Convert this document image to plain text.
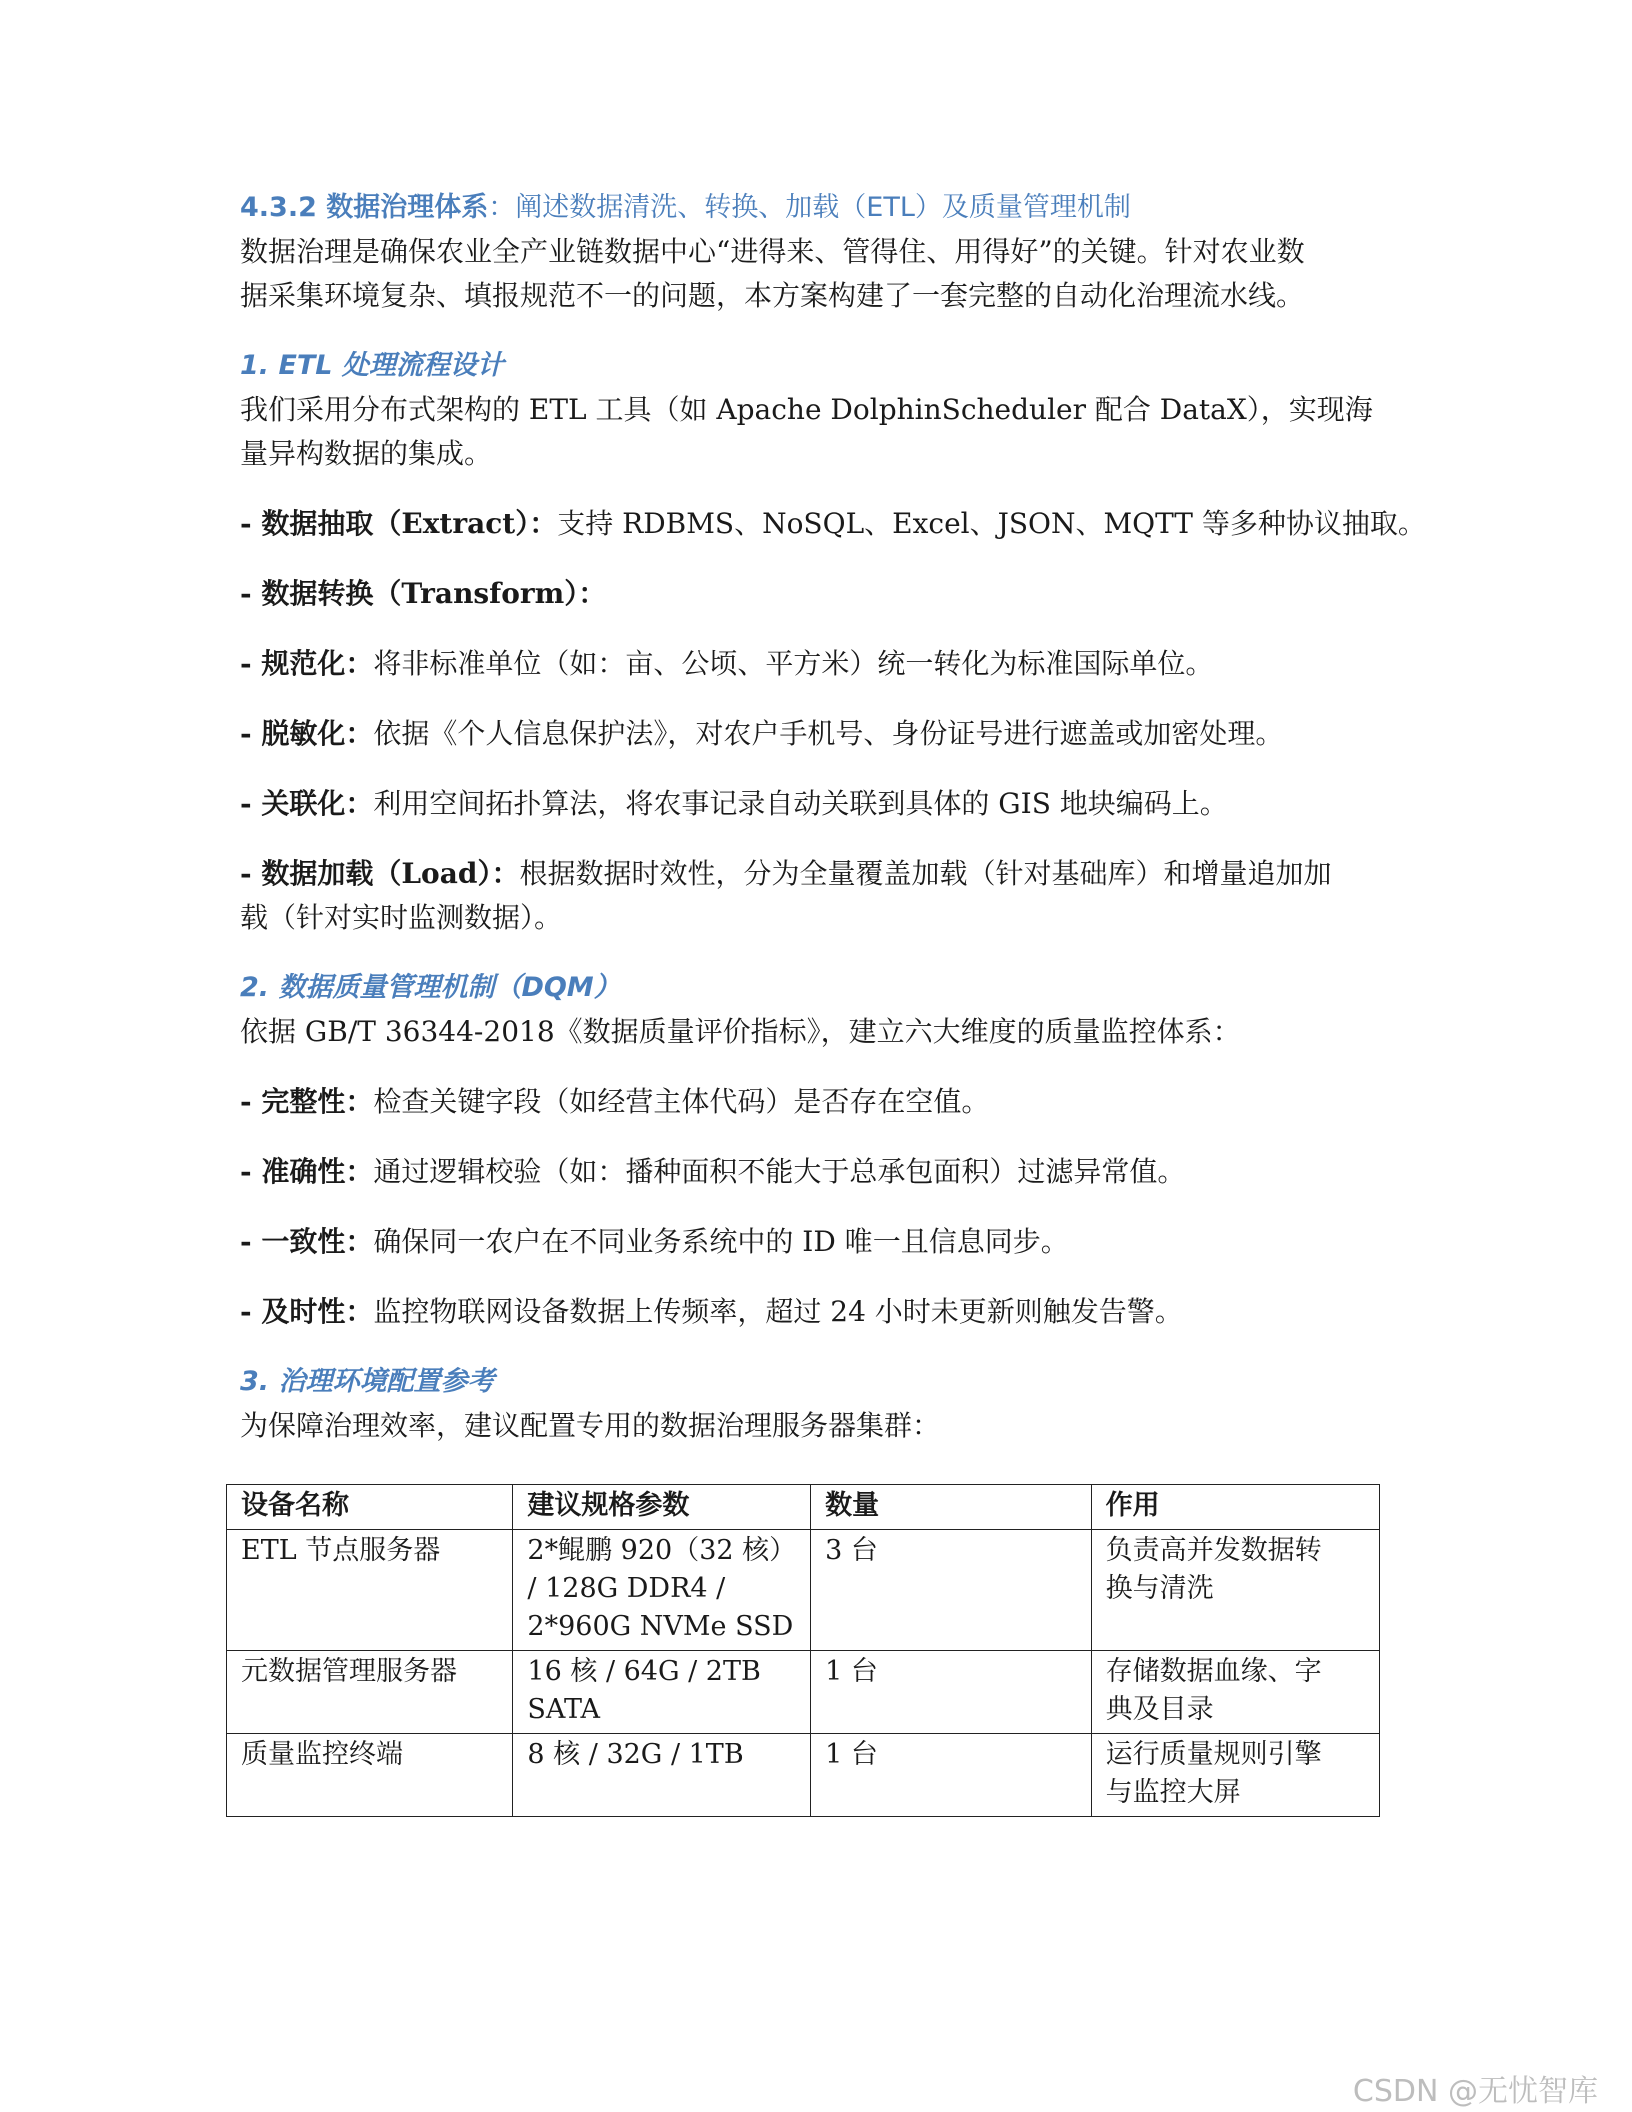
4.3.2 数据治理体系：阐述数据清洗、转换、加载（ETL）及质量管理机制
数据治理是确保农业全产业链数据中心“进得来、管得住、用得好”的关键。针对农业数
据采集环境复杂、填报规范不一的问题，本方案构建了一套完整的自动化治理流水线。
1. ETL 处理流程设计
我们采用分布式架构的 ETL 工具（如 Apache DolphinScheduler 配合 DataX），实现海
量异构数据的集成。
- 数据抽取（Extract）：支持 RDBMS、NoSQL、Excel、JSON、MQTT 等多种协议抽取。
- 数据转换（Transform）：
- 规范化：将非标准单位（如：亩、公顷、平方米）统一转化为标准国际单位。
- 脱敏化：依据《个人信息保护法》，对农户手机号、身份证号进行遮盖或加密处理。
- 关联化：利用空间拓扑算法，将农事记录自动关联到具体的 GIS 地块编码上。
- 数据加载（Load）：根据数据时效性，分为全量覆盖加载（针对基础库）和增量追加加
载（针对实时监测数据）。
2. 数据质量管理机制（DQM）
依据 GB/T 36344-2018《数据质量评价指标》，建立六大维度的质量监控体系：
- 完整性：检查关键字段（如经营主体代码）是否存在空值。
- 准确性：通过逻辑校验（如：播种面积不能大于总承包面积）过滤异常值。
- 一致性：确保同一农户在不同业务系统中的 ID 唯一且信息同步。
- 及时性：监控物联网设备数据上传频率，超过 24 小时未更新则触发告警。
3. 治理环境配置参考
为保障治理效率，建议配置专用的数据治理服务器集群：
设备名称	建议规格参数	数量	作用

ETL 节点服务器	2*鲲鹏 920（32 核）
/ 128G DDR4 /
2*960G NVMe SSD	3 台	负责高并发数据转
换与清洗

元数据管理服务器	16 核 / 64G / 2TB
SATA	1 台	存储数据血缘、字
典及目录

质量监控终端	8 核 / 32G / 1TB	1 台	运行质量规则引擎
与监控大屏
CSDN @无忧智库
